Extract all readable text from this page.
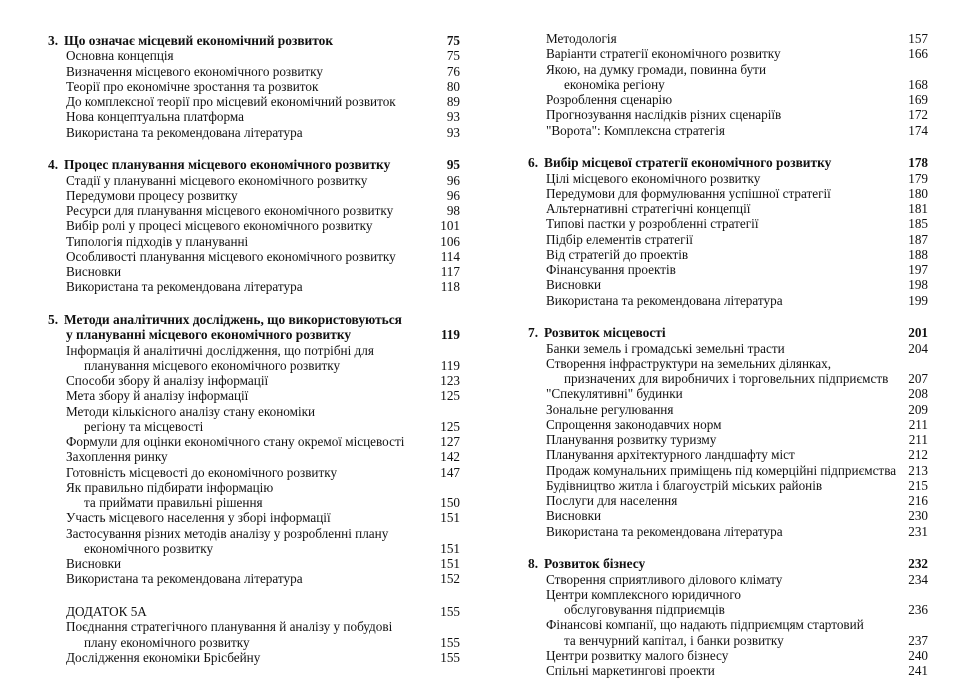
3. Що означає місцевий економічний розвиток	75
Основна концепція	75
Визначення місцевого економічного розвитку	76
Теорії про економічне зростання та розвиток	80
До комплексної теорії про місцевий економічний розвиток	89
Нова концептуальна платформа	93
Використана та рекомендована література	93
4. Процес планування місцевого економічного розвитку	95
Стадії у плануванні місцевого економічного розвитку	96
Передумови процесу розвитку	96
Ресурси для планування місцевого економічного розвитку	98
Вибір ролі у процесі місцевого економічного розвитку	101
Типологія підходів у плануванні	106
Особливості планування місцевого економічного розвитку	114
Висновки	117
Використана та рекомендована література	118
5. Методи аналітичних досліджень, що використовуються
у плануванні місцевого економічного розвитку	119
Інформація й аналітичні дослідження, що потрібні для
планування місцевого економічного розвитку	119
Способи збору й аналізу інформації	123
Мета збору й аналізу інформації	125
Методи кількісного аналізу стану економіки
регіону та місцевості	125
Формули для оцінки економічного стану окремої місцевості	127
Захоплення ринку	142
Готовність місцевості до економічного розвитку	147
Як правильно підбирати інформацію
та приймати правильні рішення	150
Участь місцевого населення у зборі інформації	151
Застосування різних методів аналізу у розробленні плану
економічного розвитку	151
Висновки	151
Використана та рекомендована література	152
ДОДАТОК 5А	155
Поєднання стратегічного планування й аналізу у побудові
плану економічного розвитку	155
Дослідження економіки Брісбейну	155
Методологія	157
Варіанти стратегії економічного розвитку	166
Якою, на думку громади, повинна бути
економіка регіону	168
Розроблення сценарію	169
Прогнозування наслідків різних сценаріїв	172
"Ворота": Комплексна стратегія	174
6. Вибір місцевої стратегії економічного розвитку	178
Цілі місцевого економічного розвитку	179
Передумови для формулювання успішної стратегії	180
Альтернативні стратегічні концепції	181
Типові пастки у розробленні стратегії	185
Підбір елементів стратегії	187
Від стратегій до проектів	188
Фінансування проектів	197
Висновки	198
Використана та рекомендована література	199
7. Розвиток місцевості	201
Банки земель і громадські земельні трасти	204
Створення інфраструктури на земельних ділянках,
призначених для виробничих і торговельних підприємств 207
"Спекулятивні" будинки	208
Зональне регулювання	209
Спрощення законодавчих норм	211
Планування розвитку туризму	211
Планування архітектурного ландшафту міст	212
Продаж комунальних приміщень під комерційні підприємства 213
Будівництво житла і благоустрій міських районів	215
Послуги для населення	216
Висновки	230
Використана та рекомендована література	231
8. Розвиток бізнесу	232
Створення сприятливого ділового клімату	234
Центри комплексного юридичного
обслуговування підприємців	236
Фінансові компанії, що надають підприємцям стартовий
та венчурний капітал, і банки розвитку	237
Центри розвитку малого бізнесу	240
Спільні маркетингові проекти	241
